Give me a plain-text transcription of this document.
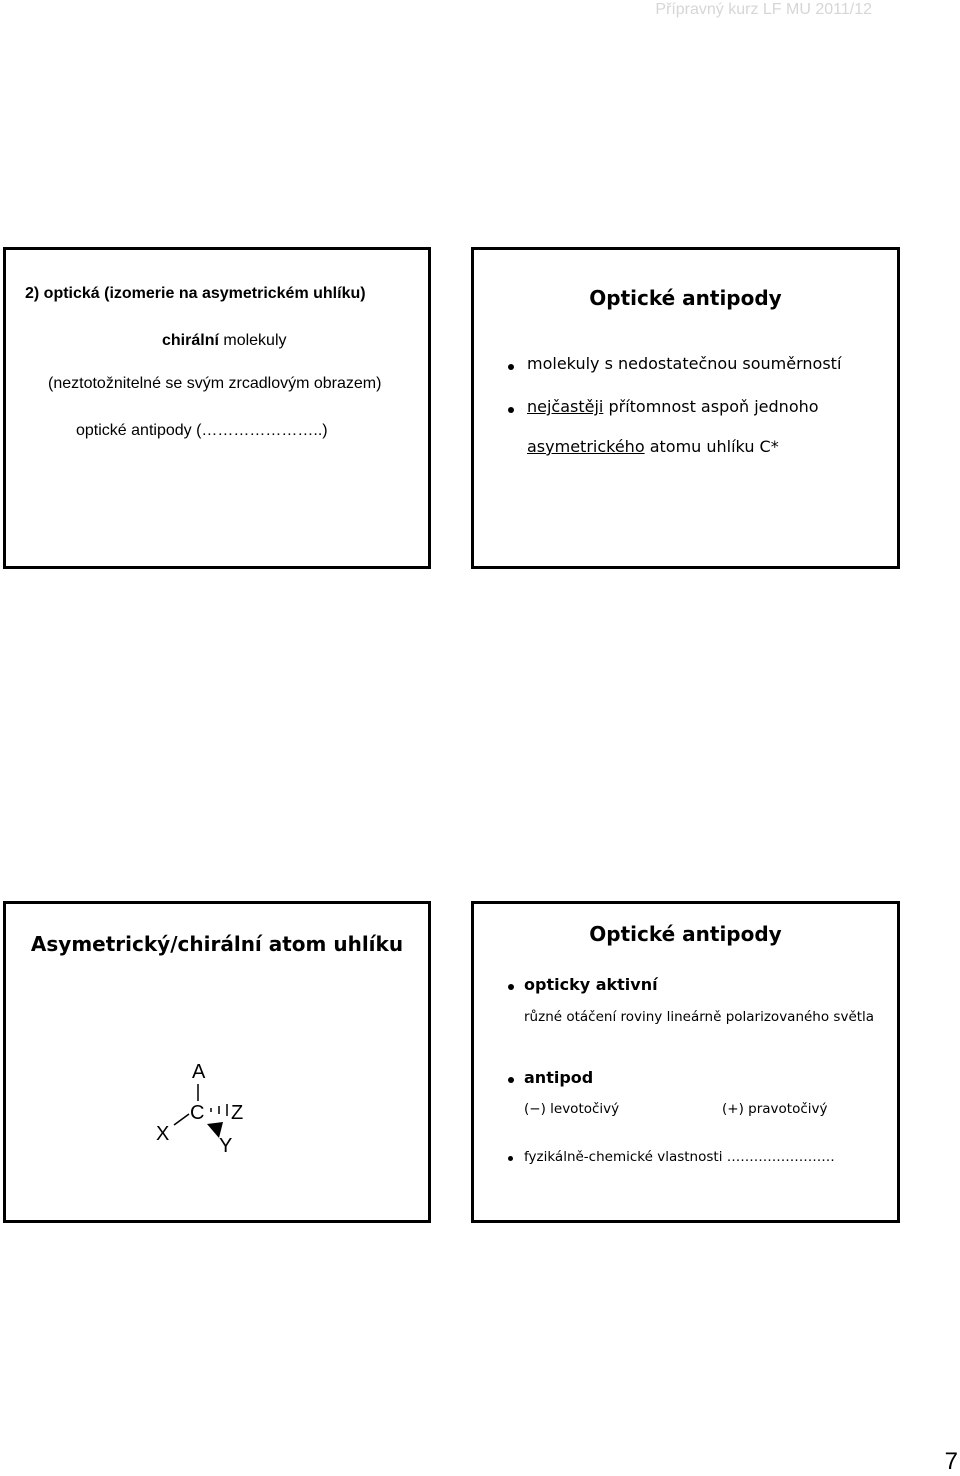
Přípravný kurz LF MU 2011/12
2) optická (izomerie na asymetrickém uhlíku)
chirální molekuly
(neztotožnitelné se svým zrcadlovým obrazem)
optické antipody (…………………..)
Optické antipody
molekuly s nedostatečnou souměrností
nejčastěji přítomnost aspoň jednoho
asymetrického atomu uhlíku C*
Asymetrický/chirální atom uhlíku
A
C
X
Z
Y
Optické antipody
opticky aktivní
různé otáčení roviny lineárně polarizovaného světla
antipod
(−) levotočivý	(+) pravotočivý
fyzikálně-chemické vlastnosti ……………………
7
